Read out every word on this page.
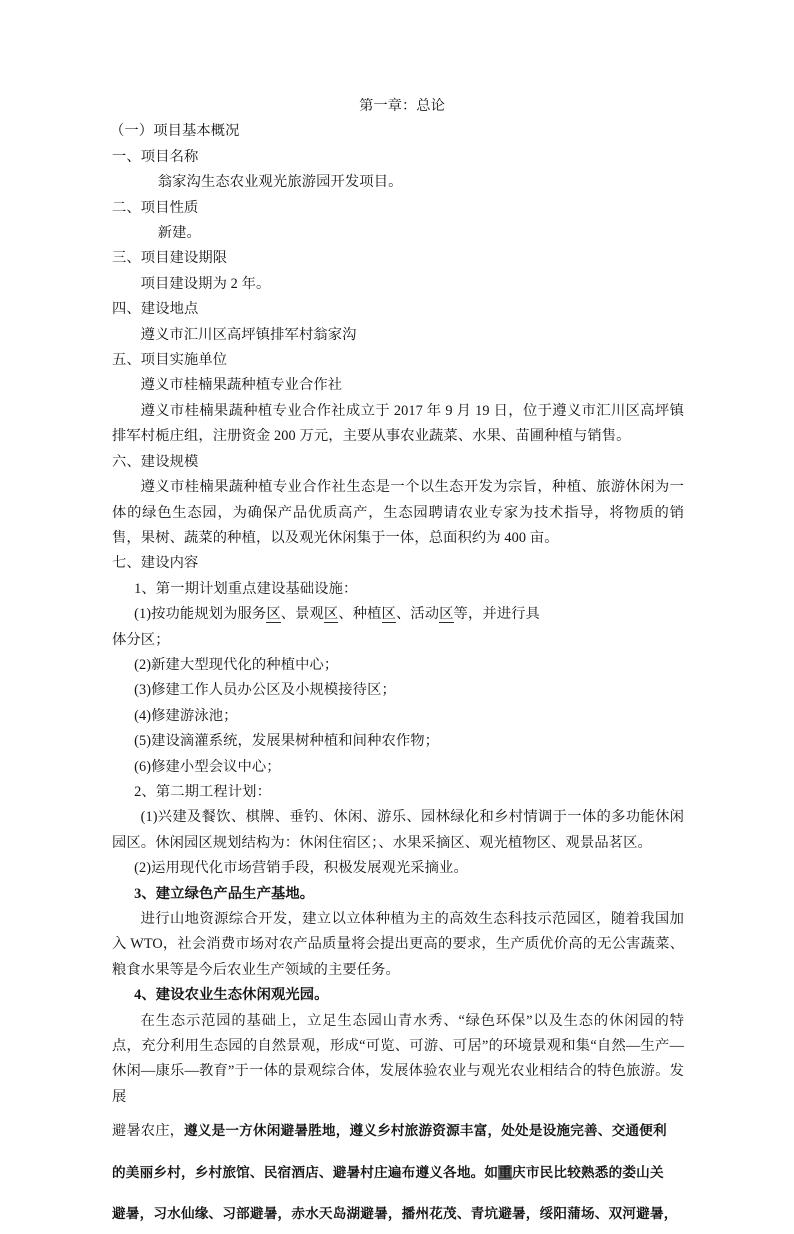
第一章：总论
（一）项目基本概况
一、项目名称
翁家沟生态农业观光旅游园开发项目。
二、项目性质
新建。
三、项目建设期限
项目建设期为 2 年。
四、建设地点
遵义市汇川区高坪镇排军村翁家沟
五、项目实施单位
遵义市桂楠果蔬种植专业合作社
遵义市桂楠果蔬种植专业合作社成立于 2017 年 9 月 19 日，位于遵义市汇川区高坪镇排军村栀庄组，注册资金 200 万元，主要从事农业蔬菜、水果、苗圃种植与销售。
六、建设规模
遵义市桂楠果蔬种植专业合作社生态是一个以生态开发为宗旨，种植、旅游休闲为一体的绿色生态园，为确保产品优质高产，生态园聘请农业专家为技术指导，将物质的销售，果树、蔬菜的种植，以及观光休闲集于一体，总面积约为 400 亩。
七、建设内容
1、第一期计划重点建设基础设施：
(1)按功能规划为服务区、景观区、种植区、活动区等，并进行具
体分区；
(2)新建大型现代化的种植中心；
(3)修建工作人员办公区及小规模接待区；
(4)修建游泳池；
(5)建设滴灌系统，发展果树种植和间种农作物；
(6)修建小型会议中心；
2、第二期工程计划：
(1)兴建及餐饮、棋牌、垂钓、休闲、游乐、园林绿化和乡村情调于一体的多功能休闲园区。休闲园区规划结构为：休闲住宿区；、水果采摘区、观光植物区、观景品茗区。
(2)运用现代化市场营销手段，积极发展观光采摘业。
3、建立绿色产品生产基地。
进行山地资源综合开发，建立以立体种植为主的高效生态科技示范园区，随着我国加入 WTO，社会消费市场对农产品质量将会提出更高的要求，生产质优价高的无公害蔬菜、粮食水果等是今后农业生产领域的主要任务。
4、建设农业生态休闲观光园。
在生态示范园的基础上，立足生态园山青水秀、“绿色环保”以及生态的休闲园的特点，充分利用生态园的自然景观，形成“可览、可游、可居”的环境景观和集“自然—生产—休闲—康乐—教育”于一体的景观综合体，发展体验农业与观光农业相结合的特色旅游。发展
避暑农庄，遵义是一方休闲避暑胜地，遵义乡村旅游资源丰富，处处是设施完善、交通便利
的美丽乡村，乡村旅馆、民宿酒店、避暑村庄遍布遵义各地。如重庆市民比较熟悉的娄山关
避暑，习水仙缘、习部避暑，赤水天岛湖避暑，播州花茂、青坑避暑，绥阳蒲场、双河避暑，
